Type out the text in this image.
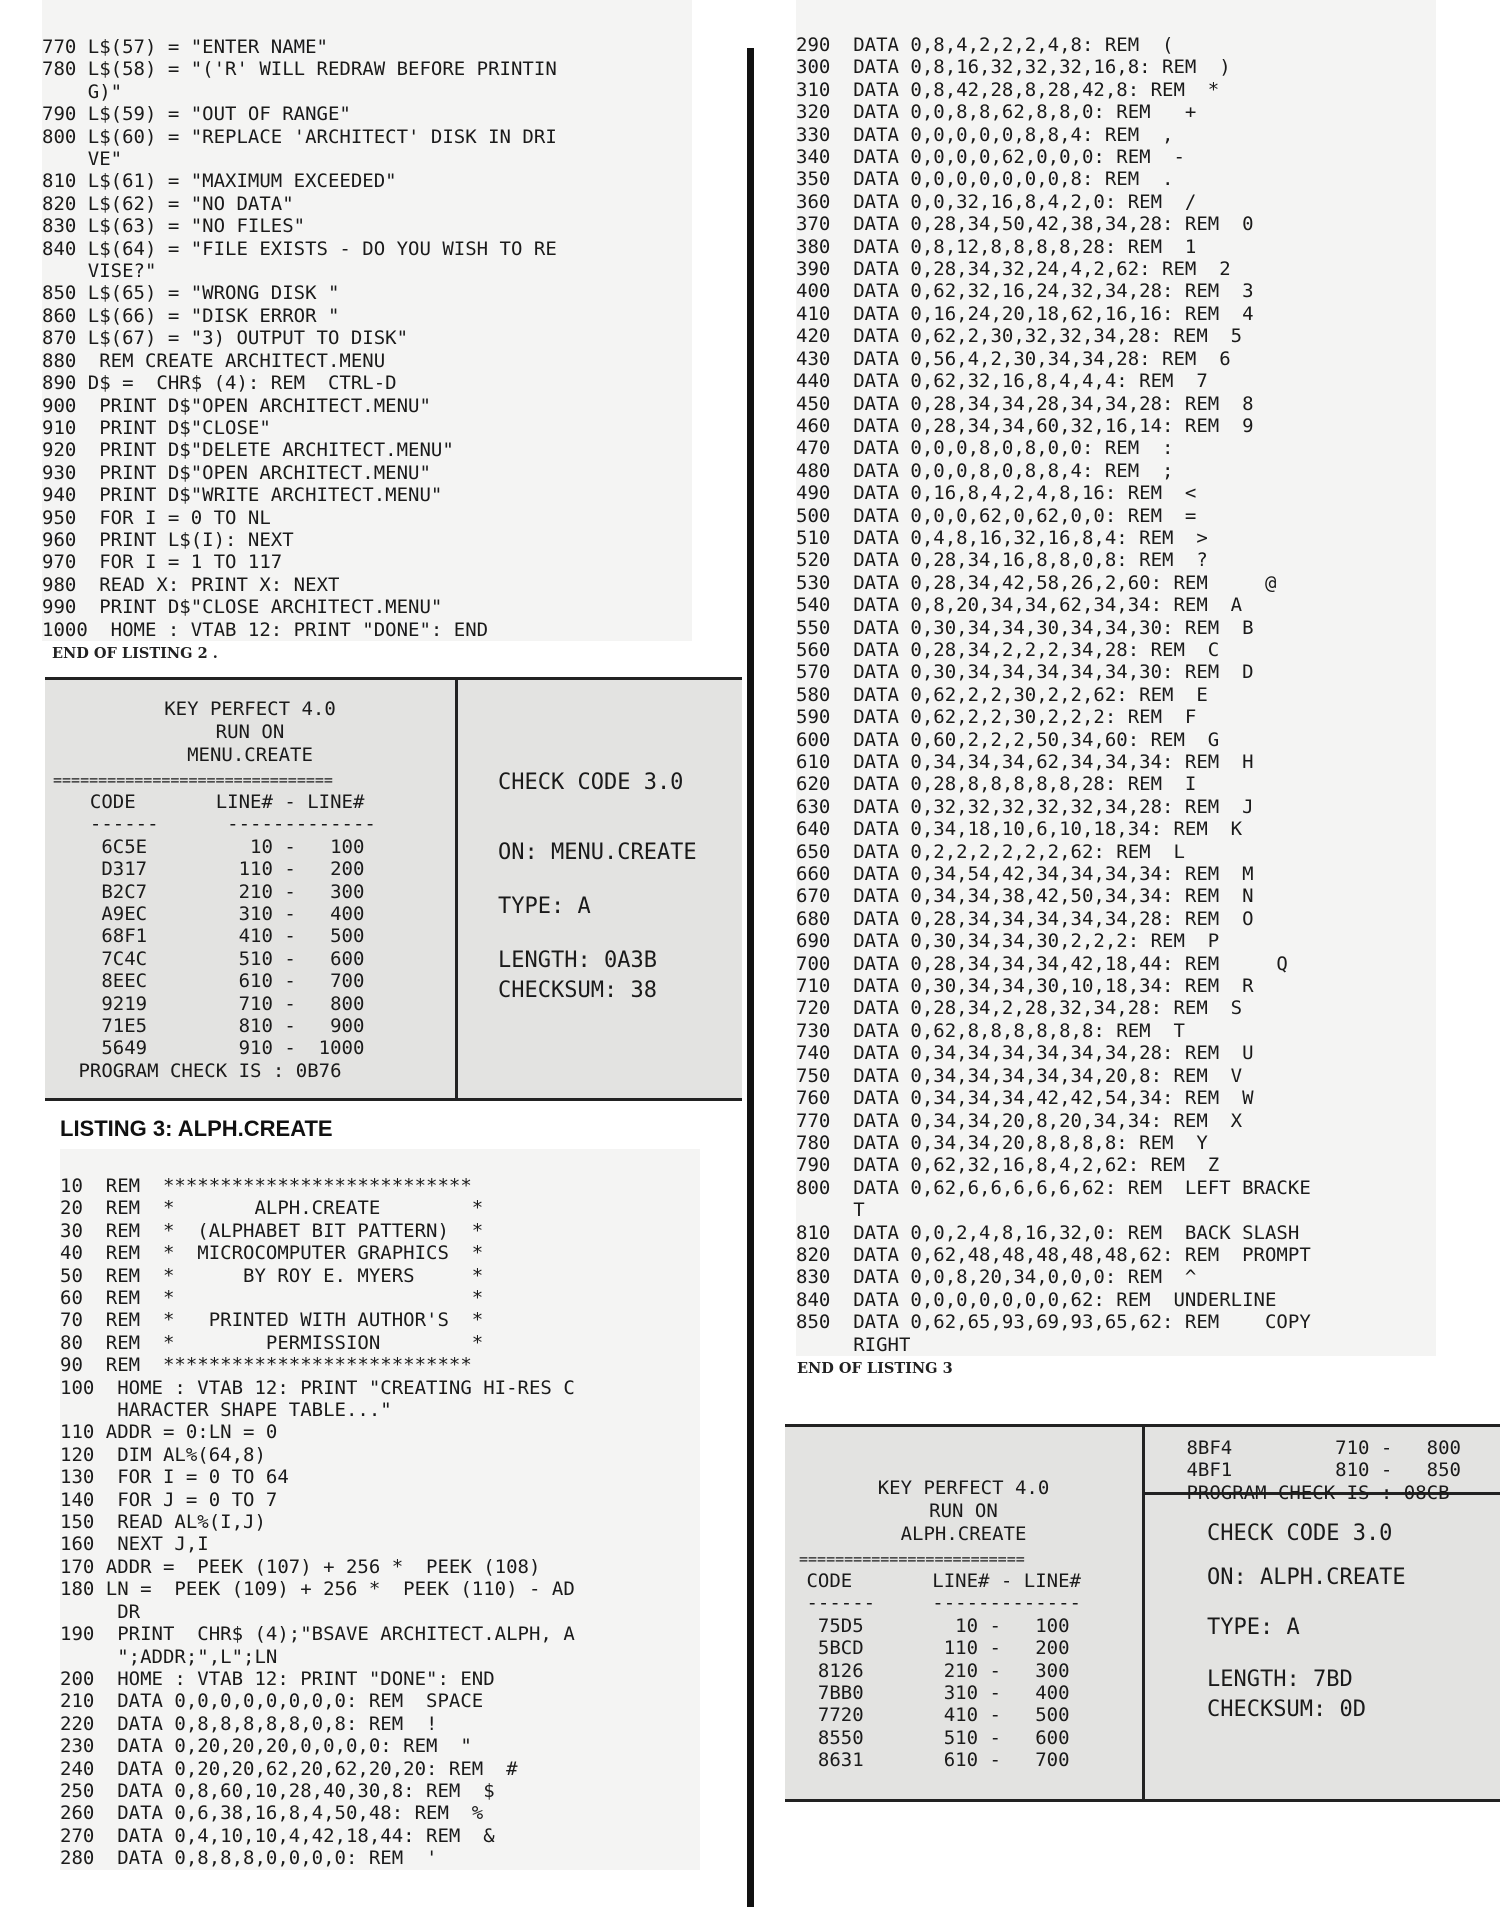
770 L$(57) = "ENTER NAME"
780 L$(58) = "('R' WILL REDRAW BEFORE PRINTIN
G)"
790 L$(59) = "OUT OF RANGE"
800 L$(60) = "REPLACE 'ARCHITECT' DISK IN DRI
VE"
810 L$(61) = "MAXIMUM EXCEEDED"
820 L$(62) = "NO DATA"
830 L$(63) = "NO FILES"
840 L$(64) = "FILE EXISTS - DO YOU WISH TO RE
VISE?"
850 L$(65) = "WRONG DISK "
860 L$(66) = "DISK ERROR "
870 L$(67) = "3) OUTPUT TO DISK"
880  REM CREATE ARCHITECT.MENU
890 D$ =  CHR$ (4): REM  CTRL-D
900  PRINT D$"OPEN ARCHITECT.MENU"
910  PRINT D$"CLOSE"
920  PRINT D$"DELETE ARCHITECT.MENU"
930  PRINT D$"OPEN ARCHITECT.MENU"
940  PRINT D$"WRITE ARCHITECT.MENU"
950  FOR I = 0 TO NL
960  PRINT L$(I): NEXT
970  FOR I = 1 TO 117
980  READ X: PRINT X: NEXT
990  PRINT D$"CLOSE ARCHITECT.MENU"
1000  HOME : VTAB 12: PRINT "DONE": END
END OF LISTING 2 .
KEY PERFECT 4.0
RUN ON
MENU.CREATE
===============================
CODE       LINE# - LINE#
------      -------------
6C5E         10 -   100
D317        110 -   200
B2C7        210 -   300
A9EC        310 -   400
68F1        410 -   500
7C4C        510 -   600
8EEC        610 -   700
9219        710 -   800
71E5        810 -   900
5649        910 -  1000
PROGRAM CHECK IS : 0B76
CHECK CODE 3.0
ON: MENU.CREATE
TYPE: A
LENGTH: 0A3B
CHECKSUM: 38
LISTING 3: ALPH.CREATE
10  REM  ***************************
20  REM  *       ALPH.CREATE        *
30  REM  *  (ALPHABET BIT PATTERN)  *
40  REM  *  MICROCOMPUTER GRAPHICS  *
50  REM  *      BY ROY E. MYERS     *
60  REM  *                          *
70  REM  *   PRINTED WITH AUTHOR'S  *
80  REM  *        PERMISSION        *
90  REM  ***************************
100  HOME : VTAB 12: PRINT "CREATING HI-RES C
HARACTER SHAPE TABLE..."
110 ADDR = 0:LN = 0
120  DIM AL%(64,8)
130  FOR I = 0 TO 64
140  FOR J = 0 TO 7
150  READ AL%(I,J)
160  NEXT J,I
170 ADDR =  PEEK (107) + 256 *  PEEK (108)
180 LN =  PEEK (109) + 256 *  PEEK (110) - AD
DR
190  PRINT  CHR$ (4);"BSAVE ARCHITECT.ALPH, A
";ADDR;",L";LN
200  HOME : VTAB 12: PRINT "DONE": END
210  DATA 0,0,0,0,0,0,0,0: REM  SPACE
220  DATA 0,8,8,8,8,8,0,8: REM  !
230  DATA 0,20,20,20,0,0,0,0: REM  "
240  DATA 0,20,20,62,20,62,20,20: REM  #
250  DATA 0,8,60,10,28,40,30,8: REM  $
260  DATA 0,6,38,16,8,4,50,48: REM  %
270  DATA 0,4,10,10,4,42,18,44: REM  &
280  DATA 0,8,8,8,0,0,0,0: REM  '
290  DATA 0,8,4,2,2,2,4,8: REM  (
300  DATA 0,8,16,32,32,32,16,8: REM  )
310  DATA 0,8,42,28,8,28,42,8: REM  *
320  DATA 0,0,8,8,62,8,8,0: REM   +
330  DATA 0,0,0,0,0,8,8,4: REM  ,
340  DATA 0,0,0,0,62,0,0,0: REM  -
350  DATA 0,0,0,0,0,0,0,8: REM  .
360  DATA 0,0,32,16,8,4,2,0: REM  /
370  DATA 0,28,34,50,42,38,34,28: REM  0
380  DATA 0,8,12,8,8,8,8,28: REM  1
390  DATA 0,28,34,32,24,4,2,62: REM  2
400  DATA 0,62,32,16,24,32,34,28: REM  3
410  DATA 0,16,24,20,18,62,16,16: REM  4
420  DATA 0,62,2,30,32,32,34,28: REM  5
430  DATA 0,56,4,2,30,34,34,28: REM  6
440  DATA 0,62,32,16,8,4,4,4: REM  7
450  DATA 0,28,34,34,28,34,34,28: REM  8
460  DATA 0,28,34,34,60,32,16,14: REM  9
470  DATA 0,0,0,8,0,8,0,0: REM  :
480  DATA 0,0,0,8,0,8,8,4: REM  ;
490  DATA 0,16,8,4,2,4,8,16: REM  <
500  DATA 0,0,0,62,0,62,0,0: REM  =
510  DATA 0,4,8,16,32,16,8,4: REM  >
520  DATA 0,28,34,16,8,8,0,8: REM  ?
530  DATA 0,28,34,42,58,26,2,60: REM     @
540  DATA 0,8,20,34,34,62,34,34: REM  A
550  DATA 0,30,34,34,30,34,34,30: REM  B
560  DATA 0,28,34,2,2,2,34,28: REM  C
570  DATA 0,30,34,34,34,34,34,30: REM  D
580  DATA 0,62,2,2,30,2,2,62: REM  E
590  DATA 0,62,2,2,30,2,2,2: REM  F
600  DATA 0,60,2,2,2,50,34,60: REM  G
610  DATA 0,34,34,34,62,34,34,34: REM  H
620  DATA 0,28,8,8,8,8,8,28: REM  I
630  DATA 0,32,32,32,32,32,34,28: REM  J
640  DATA 0,34,18,10,6,10,18,34: REM  K
650  DATA 0,2,2,2,2,2,2,62: REM  L
660  DATA 0,34,54,42,34,34,34,34: REM  M
670  DATA 0,34,34,38,42,50,34,34: REM  N
680  DATA 0,28,34,34,34,34,34,28: REM  O
690  DATA 0,30,34,34,30,2,2,2: REM  P
700  DATA 0,28,34,34,34,42,18,44: REM     Q
710  DATA 0,30,34,34,30,10,18,34: REM  R
720  DATA 0,28,34,2,28,32,34,28: REM  S
730  DATA 0,62,8,8,8,8,8,8: REM  T
740  DATA 0,34,34,34,34,34,34,28: REM  U
750  DATA 0,34,34,34,34,34,20,8: REM  V
760  DATA 0,34,34,34,42,42,54,34: REM  W
770  DATA 0,34,34,20,8,20,34,34: REM  X
780  DATA 0,34,34,20,8,8,8,8: REM  Y
790  DATA 0,62,32,16,8,4,2,62: REM  Z
800  DATA 0,62,6,6,6,6,6,62: REM  LEFT BRACKE
T
810  DATA 0,0,2,4,8,16,32,0: REM  BACK SLASH
820  DATA 0,62,48,48,48,48,48,62: REM  PROMPT
830  DATA 0,0,8,20,34,0,0,0: REM  ^
840  DATA 0,0,0,0,0,0,0,62: REM  UNDERLINE
850  DATA 0,62,65,93,69,93,65,62: REM    COPY
RIGHT
END OF LISTING 3
KEY PERFECT 4.0
RUN ON
ALPH.CREATE
=========================
CODE       LINE# - LINE#
------     -------------
75D5        10 -   100
5BCD       110 -   200
8126       210 -   300
7BB0       310 -   400
7720       410 -   500
8550       510 -   600
8631       610 -   700
8BF4         710 -   800
4BF1         810 -   850
PROGRAM CHECK IS : 08CB
CHECK CODE 3.0
ON: ALPH.CREATE
TYPE: A
LENGTH: 7BD
CHECKSUM: 0D
